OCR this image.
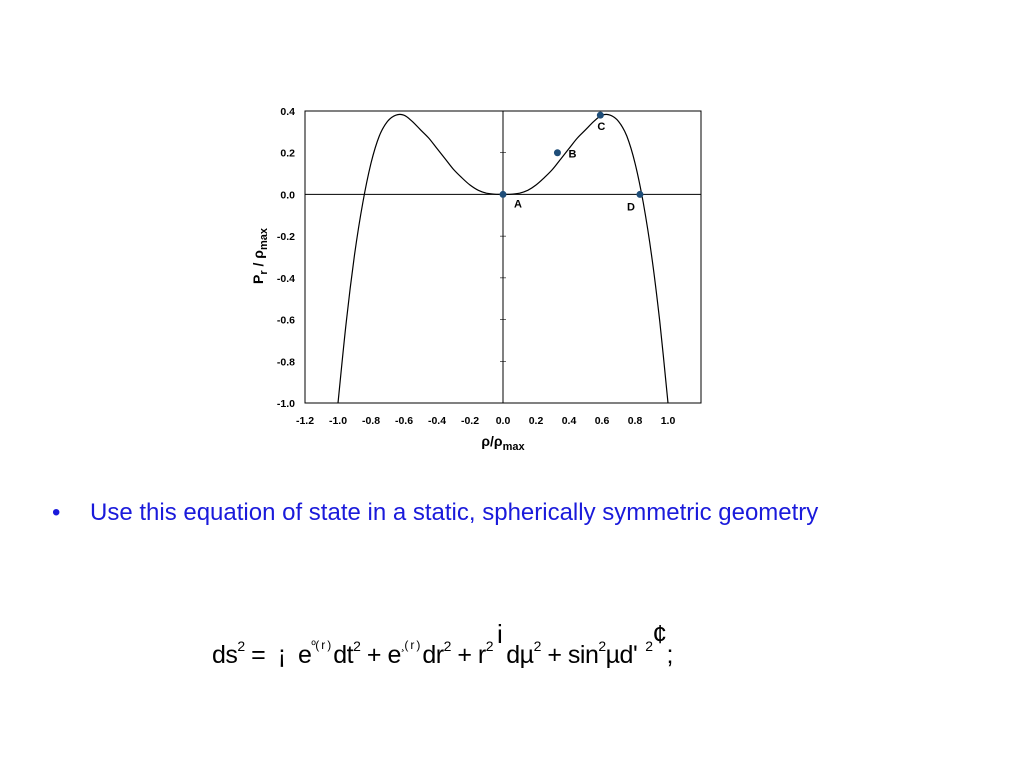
A
B
C
D
-1.2 -1.0 -0.8 -0.6 -0.4 -0.2 0.0 0.2 0.4 0.6 0.8 1.0
0.4
0.2
0.0
-0.2
-0.4
-0.6
-0.8
-1.0
$\rho/\rho_{max}$
$P_r / \rho_{max}$
• Use this equation of state in a static, spherically symmetric geometry
ds2 = ¡ eº(r)dt2 + e¸(r)dr2 + r2 idµ2 + sin2µd' 2¢;
